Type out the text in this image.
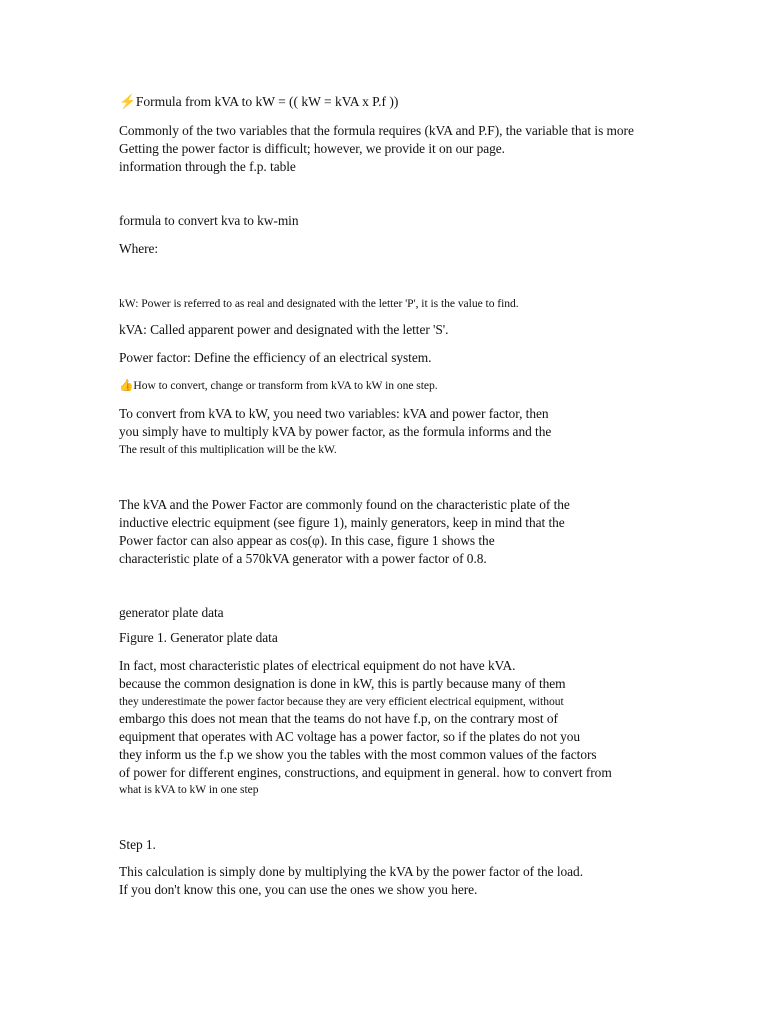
⚡Formula from kVA to kW = (( kW = kVA x P.f ))
Commonly of the two variables that the formula requires (kVA and P.F), the variable that is more
Getting the power factor is difficult; however, we provide it on our page.
information through the f.p. table
formula to convert kva to kw-min
Where:
kW: Power is referred to as real and designated with the letter 'P', it is the value to find.
kVA: Called apparent power and designated with the letter 'S'.
Power factor: Define the efficiency of an electrical system.
👍How to convert, change or transform from kVA to kW in one step.
To convert from kVA to kW, you need two variables: kVA and power factor, then
you simply have to multiply kVA by power factor, as the formula informs and the
The result of this multiplication will be the kW.
The kVA and the Power Factor are commonly found on the characteristic plate of the
inductive electric equipment (see figure 1), mainly generators, keep in mind that the
Power factor can also appear as cos(φ). In this case, figure 1 shows the
characteristic plate of a 570kVA generator with a power factor of 0.8.
generator plate data
Figure 1. Generator plate data
In fact, most characteristic plates of electrical equipment do not have kVA.
because the common designation is done in kW, this is partly because many of them
they underestimate the power factor because they are very efficient electrical equipment, without
embargo this does not mean that the teams do not have f.p, on the contrary most of
equipment that operates with AC voltage has a power factor, so if the plates do not you
they inform us the f.p we show you the tables with the most common values of the factors
of power for different engines, constructions, and equipment in general. how to convert from
what is kVA to kW in one step
Step 1.
This calculation is simply done by multiplying the kVA by the power factor of the load.
If you don't know this one, you can use the ones we show you here.
